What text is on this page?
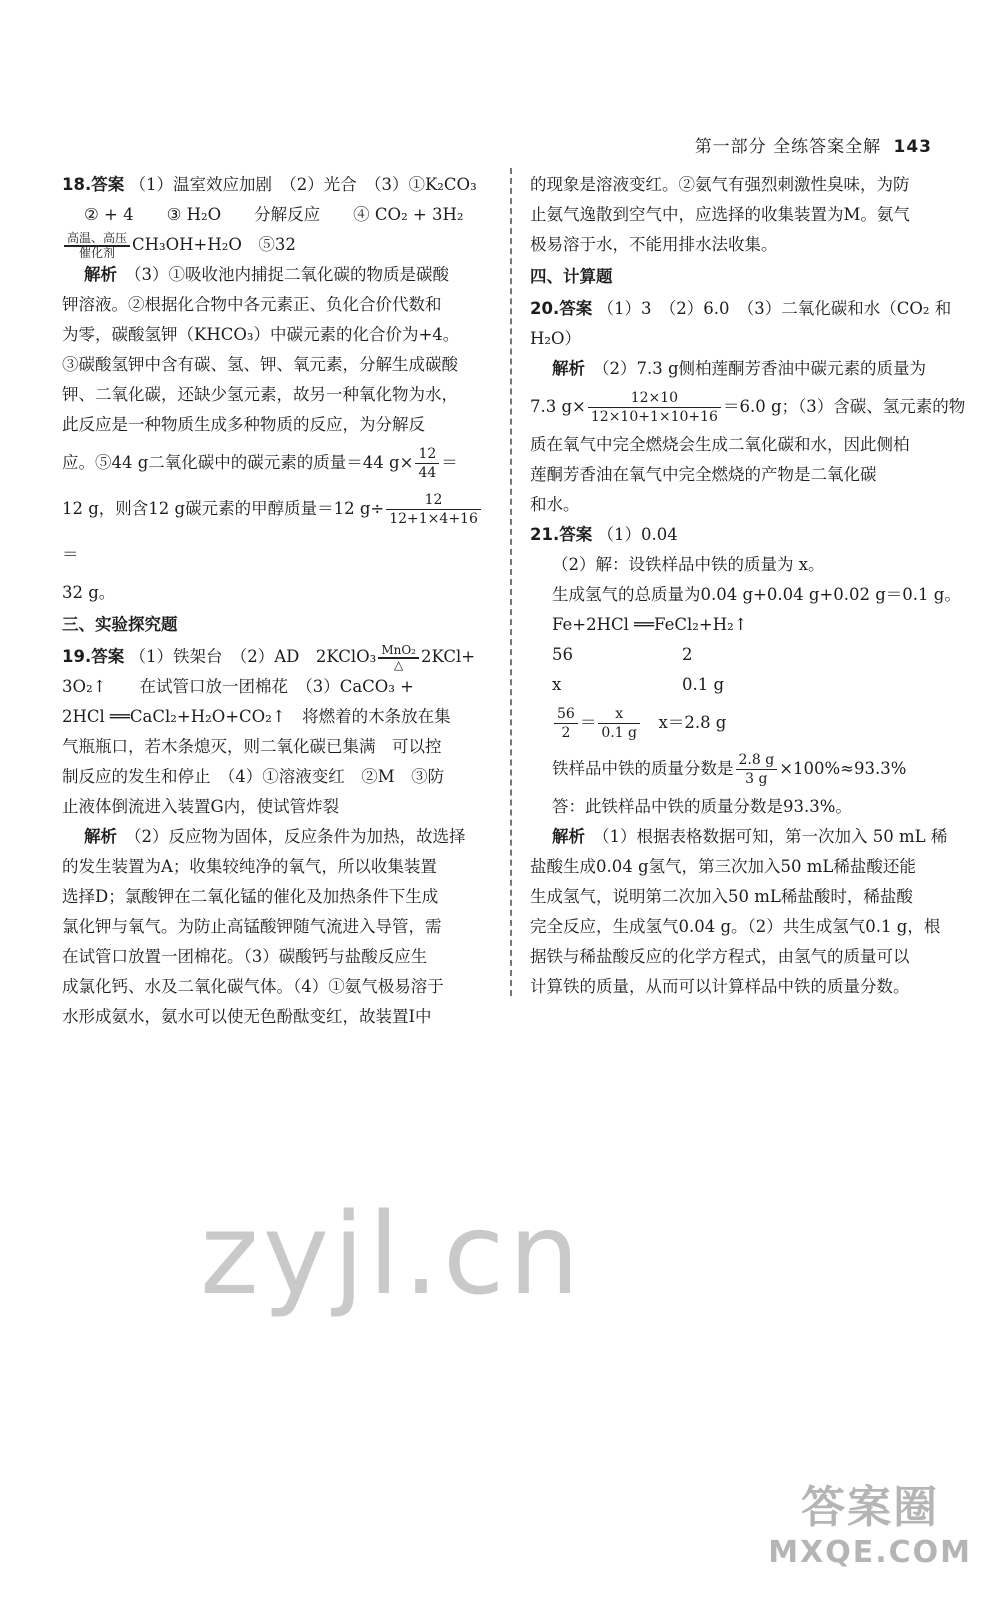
第一部分 全练答案全解 143

18.答案 （1）温室效应加剧　（2）光合　（3）①K₂CO₃

② + 4　　③ H₂O　　分解反应　　④ CO₂ + 3H₂

高温、高压
催化剂	CH₃OH+H₂O　⑤32

解析 （3）①吸收池内捕捉二氧化碳的物质是碳酸

钾溶液。②根据化合物中各元素正、负化合价代数和

为零，碳酸氢钾（KHCO₃）中碳元素的化合价为+4。

③碳酸氢钾中含有碳、氢、钾、氧元素，分解生成碳酸

钾、二氧化碳，还缺少氢元素，故另一种氧化物为水，

此反应是一种物质生成多种物质的反应，为分解反

应。⑤44 g二氧化碳中的碳元素的质量＝44 $g\times \frac{12}{44}$ ＝

12 g，则含12 g碳元素的甲醇质量＝12 $g\div \frac{12}{12+1\times 4+16}$
＝

32 g。

三、实验探究题

19.答案 （1）铁架台　（2）AD　2KClO₃ MnO₂
△	2KCl+

3O₂↑　　在试管口放一团棉花　（3）CaCO₃ +

2HCl ══CaCl₂+H₂O+CO₂↑　将燃着的木条放在集

气瓶瓶口，若木条熄灭，则二氧化碳已集满　可以控

制反应的发生和停止　（4）①溶液变红　②M　③防

止液体倒流进入装置G内，使试管炸裂

解析 （2）反应物为固体，反应条件为加热，故选择

的发生装置为A；收集较纯净的氧气，所以收集装置

选择D；氯酸钾在二氧化锰的催化及加热条件下生成

氯化钾与氧气。为防止高锰酸钾随气流进入导管，需

在试管口放置一团棉花。（3）碳酸钙与盐酸反应生

成氯化钙、水及二氧化碳气体。（4）①氨气极易溶于

水形成氨水，氨水可以使无色酚酞变红，故装置I中

的现象是溶液变红。②氨气有强烈刺激性臭味，为防

止氨气逸散到空气中，应选择的收集装置为M。氨气

极易溶于水，不能用排水法收集。

四、计算题

20.答案 （1）3　（2）6.0　（3）二氧化碳和水（CO₂ 和

H₂O）

解析 （2）7.3 g侧柏莲酮芳香油中碳元素的质量为

7.3 $g\times \frac{12\times 10}{12\times 10+1\times 10+16} =6.0$ g；（3）含碳、氢元素的物

质在氧气中完全燃烧会生成二氧化碳和水，因此侧柏

莲酮芳香油在氧气中完全燃烧的产物是二氧化碳

和水。

21.答案 （1）0.04

（2）解：设铁样品中铁的质量为 x。

生成氢气的总质量为0.04 g+0.04 g+0.02 g＝0.1 g。

Fe+2HCl ══FeCl₂+H₂↑

56	2

x	0.1 g

$\frac{56}{2} = \frac{x}{0.1 g}$
　 x＝2.8 g

铁样品中铁的质量分数是 $\frac{2.8 g}{3 g} \times 100\%\approx 93.3\%$

答：此铁样品中铁的质量分数是93.3%。

解析 （1）根据表格数据可知，第一次加入 50 mL 稀

盐酸生成0.04 g氢气，第三次加入50 mL稀盐酸还能

生成氢气，说明第二次加入50 mL稀盐酸时，稀盐酸

完全反应，生成氢气0.04 g。（2）共生成氢气0.1 g，根

据铁与稀盐酸反应的化学方程式，由氢气的质量可以

计算铁的质量，从而可以计算样品中铁的质量分数。

zyjl.cn
答案圈
MXQE.COM
